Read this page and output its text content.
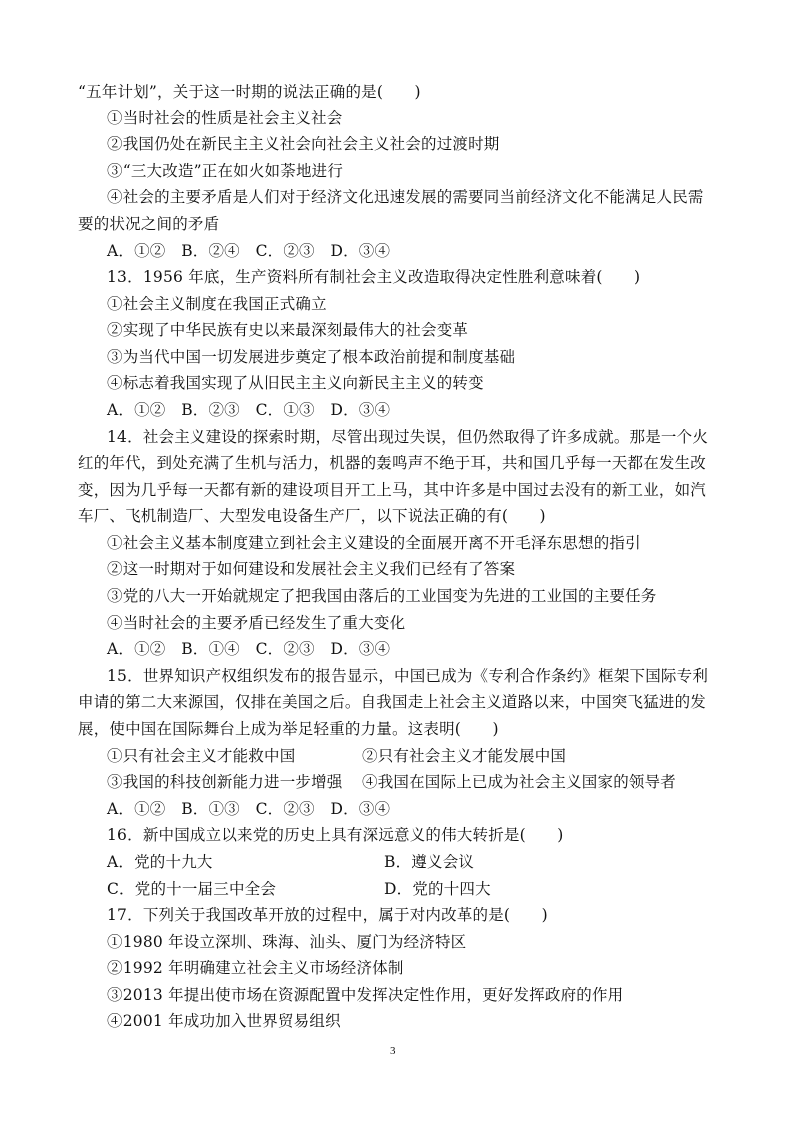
“五年计划”，关于这一时期的说法正确的是(　　)
①当时社会的性质是社会主义社会
②我国仍处在新民主主义社会向社会主义社会的过渡时期
③“三大改造”正在如火如荼地进行
④社会的主要矛盾是人们对于经济文化迅速发展的需要同当前经济文化不能满足人民需
要的状况之间的矛盾
A．①②　B．②④　C．②③　D．③④
13．1956 年底，生产资料所有制社会主义改造取得决定性胜利意味着(　　)
①社会主义制度在我国正式确立
②实现了中华民族有史以来最深刻最伟大的社会变革
③为当代中国一切发展进步奠定了根本政治前提和制度基础
④标志着我国实现了从旧民主主义向新民主主义的转变
A．①②　B．②③　C．①③　D．③④
14．社会主义建设的探索时期，尽管出现过失误，但仍然取得了许多成就。那是一个火
红的年代，到处充满了生机与活力，机器的轰鸣声不绝于耳，共和国几乎每一天都在发生改
变，因为几乎每一天都有新的建设项目开工上马，其中许多是中国过去没有的新工业，如汽
车厂、飞机制造厂、大型发电设备生产厂，以下说法正确的有(　　)
①社会主义基本制度建立到社会主义建设的全面展开离不开毛泽东思想的指引
②这一时期对于如何建设和发展社会主义我们已经有了答案
③党的八大一开始就规定了把我国由落后的工业国变为先进的工业国的主要任务
④当时社会的主要矛盾已经发生了重大变化
A．①②　B．①④　C．②③　D．③④
15．世界知识产权组织发布的报告显示，中国已成为《专利合作条约》框架下国际专利
申请的第二大来源国，仅排在美国之后。自我国走上社会主义道路以来，中国突飞猛进的发
展，使中国在国际舞台上成为举足轻重的力量。这表明(　　)
①只有社会主义才能救中国	②只有社会主义才能发展中国
③我国的科技创新能力进一步增强 ④我国在国际上已成为社会主义国家的领导者
A．①②　B．①③　C．②③　D．③④
16．新中国成立以来党的历史上具有深远意义的伟大转折是(　　)
A．党的十九大	B．遵义会议
C．党的十一届三中全会	D．党的十四大
17．下列关于我国改革开放的过程中，属于对内改革的是(　　)
①1980 年设立深圳、珠海、汕头、厦门为经济特区
②1992 年明确建立社会主义市场经济体制
③2013 年提出使市场在资源配置中发挥决定性作用，更好发挥政府的作用
④2001 年成功加入世界贸易组织
3
